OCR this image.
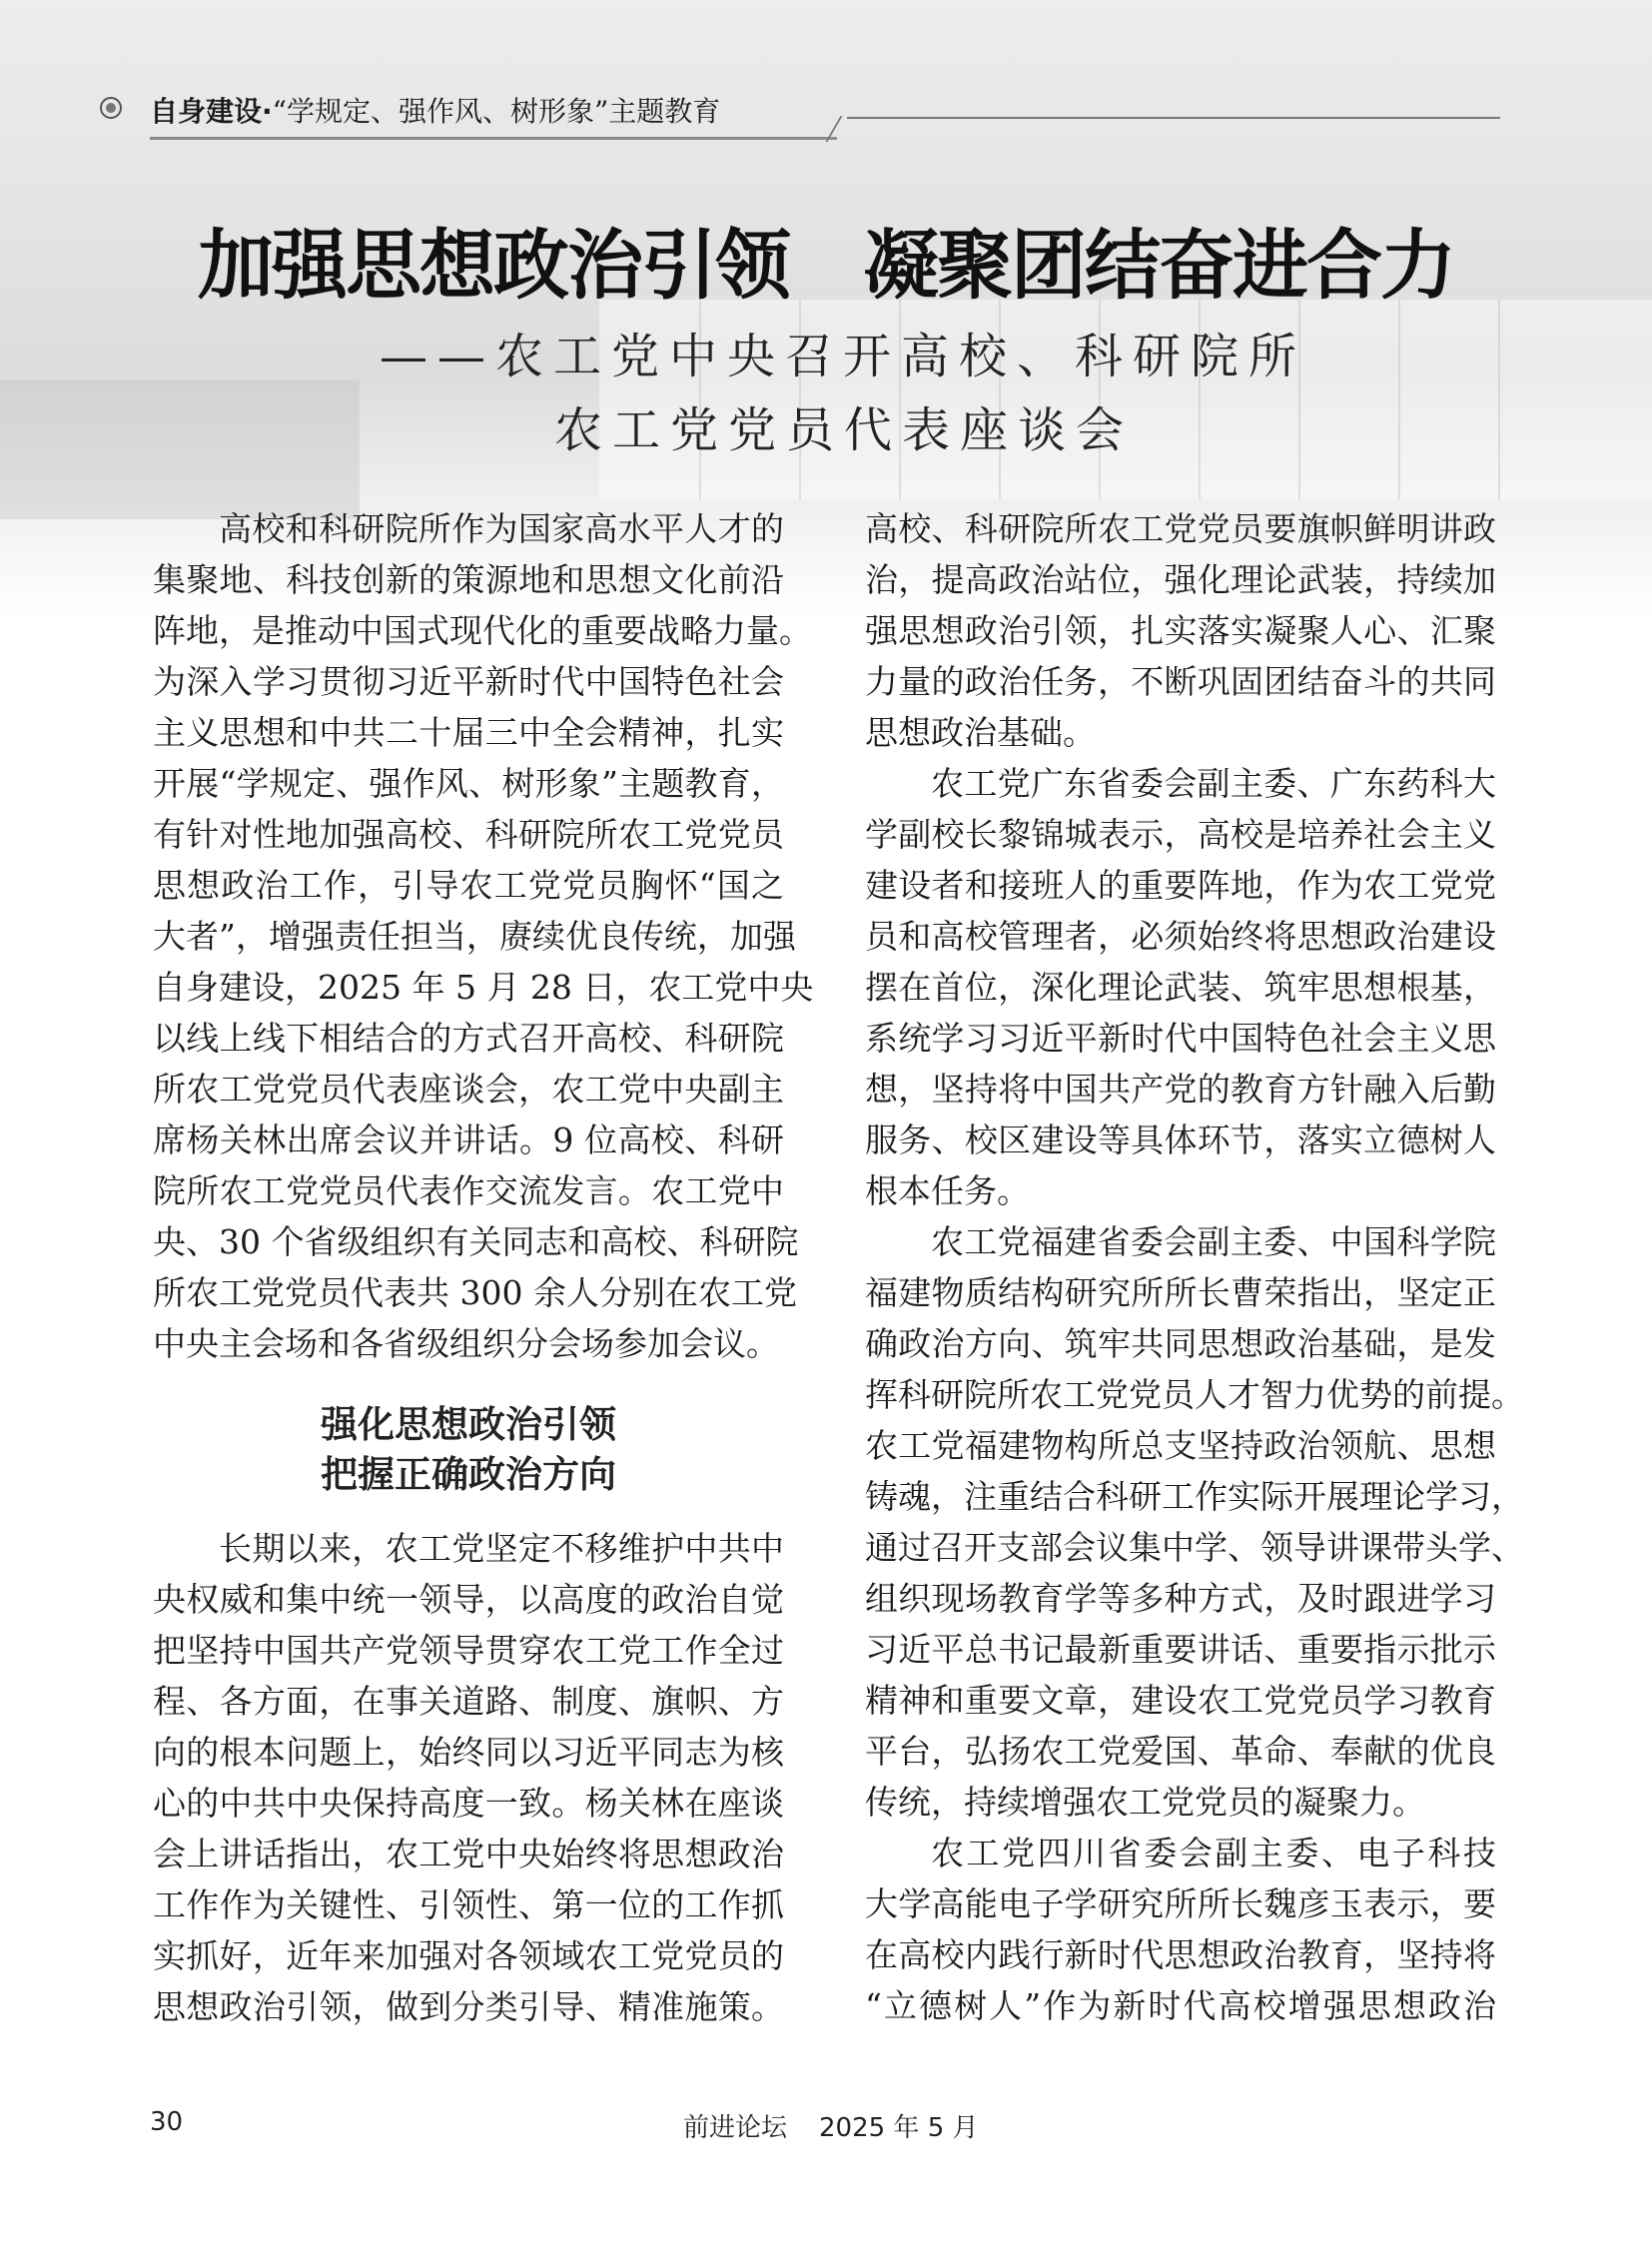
自身建设·“学规定、强作风、树形象”主题教育
加强思想政治引领　凝聚团结奋进合力
——农工党中央召开高校、科研院所
农工党党员代表座谈会
高校和科研院所作为国家高水平人才的
集聚地、科技创新的策源地和思想文化前沿
阵地，是推动中国式现代化的重要战略力量。
为深入学习贯彻习近平新时代中国特色社会
主义思想和中共二十届三中全会精神，扎实
开展“学规定、强作风、树形象”主题教育，
有针对性地加强高校、科研院所农工党党员
思想政治工作，引导农工党党员胸怀“国之
大者”，增强责任担当，赓续优良传统，加强
自身建设，2025 年 5 月 28 日，农工党中央
以线上线下相结合的方式召开高校、科研院
所农工党党员代表座谈会，农工党中央副主
席杨关林出席会议并讲话。9 位高校、科研
院所农工党党员代表作交流发言。农工党中
央、30 个省级组织有关同志和高校、科研院
所农工党党员代表共 300 余人分别在农工党
中央主会场和各省级组织分会场参加会议。
强化思想政治引领
把握正确政治方向
长期以来，农工党坚定不移维护中共中
央权威和集中统一领导，以高度的政治自觉
把坚持中国共产党领导贯穿农工党工作全过
程、各方面，在事关道路、制度、旗帜、方
向的根本问题上，始终同以习近平同志为核
心的中共中央保持高度一致。杨关林在座谈
会上讲话指出，农工党中央始终将思想政治
工作作为关键性、引领性、第一位的工作抓
实抓好，近年来加强对各领域农工党党员的
思想政治引领，做到分类引导、精准施策。
高校、科研院所农工党党员要旗帜鲜明讲政
治，提高政治站位，强化理论武装，持续加
强思想政治引领，扎实落实凝聚人心、汇聚
力量的政治任务，不断巩固团结奋斗的共同
思想政治基础。
农工党广东省委会副主委、广东药科大
学副校长黎锦城表示，高校是培养社会主义
建设者和接班人的重要阵地，作为农工党党
员和高校管理者，必须始终将思想政治建设
摆在首位，深化理论武装、筑牢思想根基，
系统学习习近平新时代中国特色社会主义思
想，坚持将中国共产党的教育方针融入后勤
服务、校区建设等具体环节，落实立德树人
根本任务。
农工党福建省委会副主委、中国科学院
福建物质结构研究所所长曹荣指出，坚定正
确政治方向、筑牢共同思想政治基础，是发
挥科研院所农工党党员人才智力优势的前提。
农工党福建物构所总支坚持政治领航、思想
铸魂，注重结合科研工作实际开展理论学习，
通过召开支部会议集中学、领导讲课带头学、
组织现场教育学等多种方式，及时跟进学习
习近平总书记最新重要讲话、重要指示批示
精神和重要文章，建设农工党党员学习教育
平台，弘扬农工党爱国、革命、奉献的优良
传统，持续增强农工党党员的凝聚力。
农工党四川省委会副主委、电子科技
大学高能电子学研究所所长魏彦玉表示，要
在高校内践行新时代思想政治教育，坚持将
“立德树人”作为新时代高校增强思想政治
30	前进论坛 2025 年 5 月
